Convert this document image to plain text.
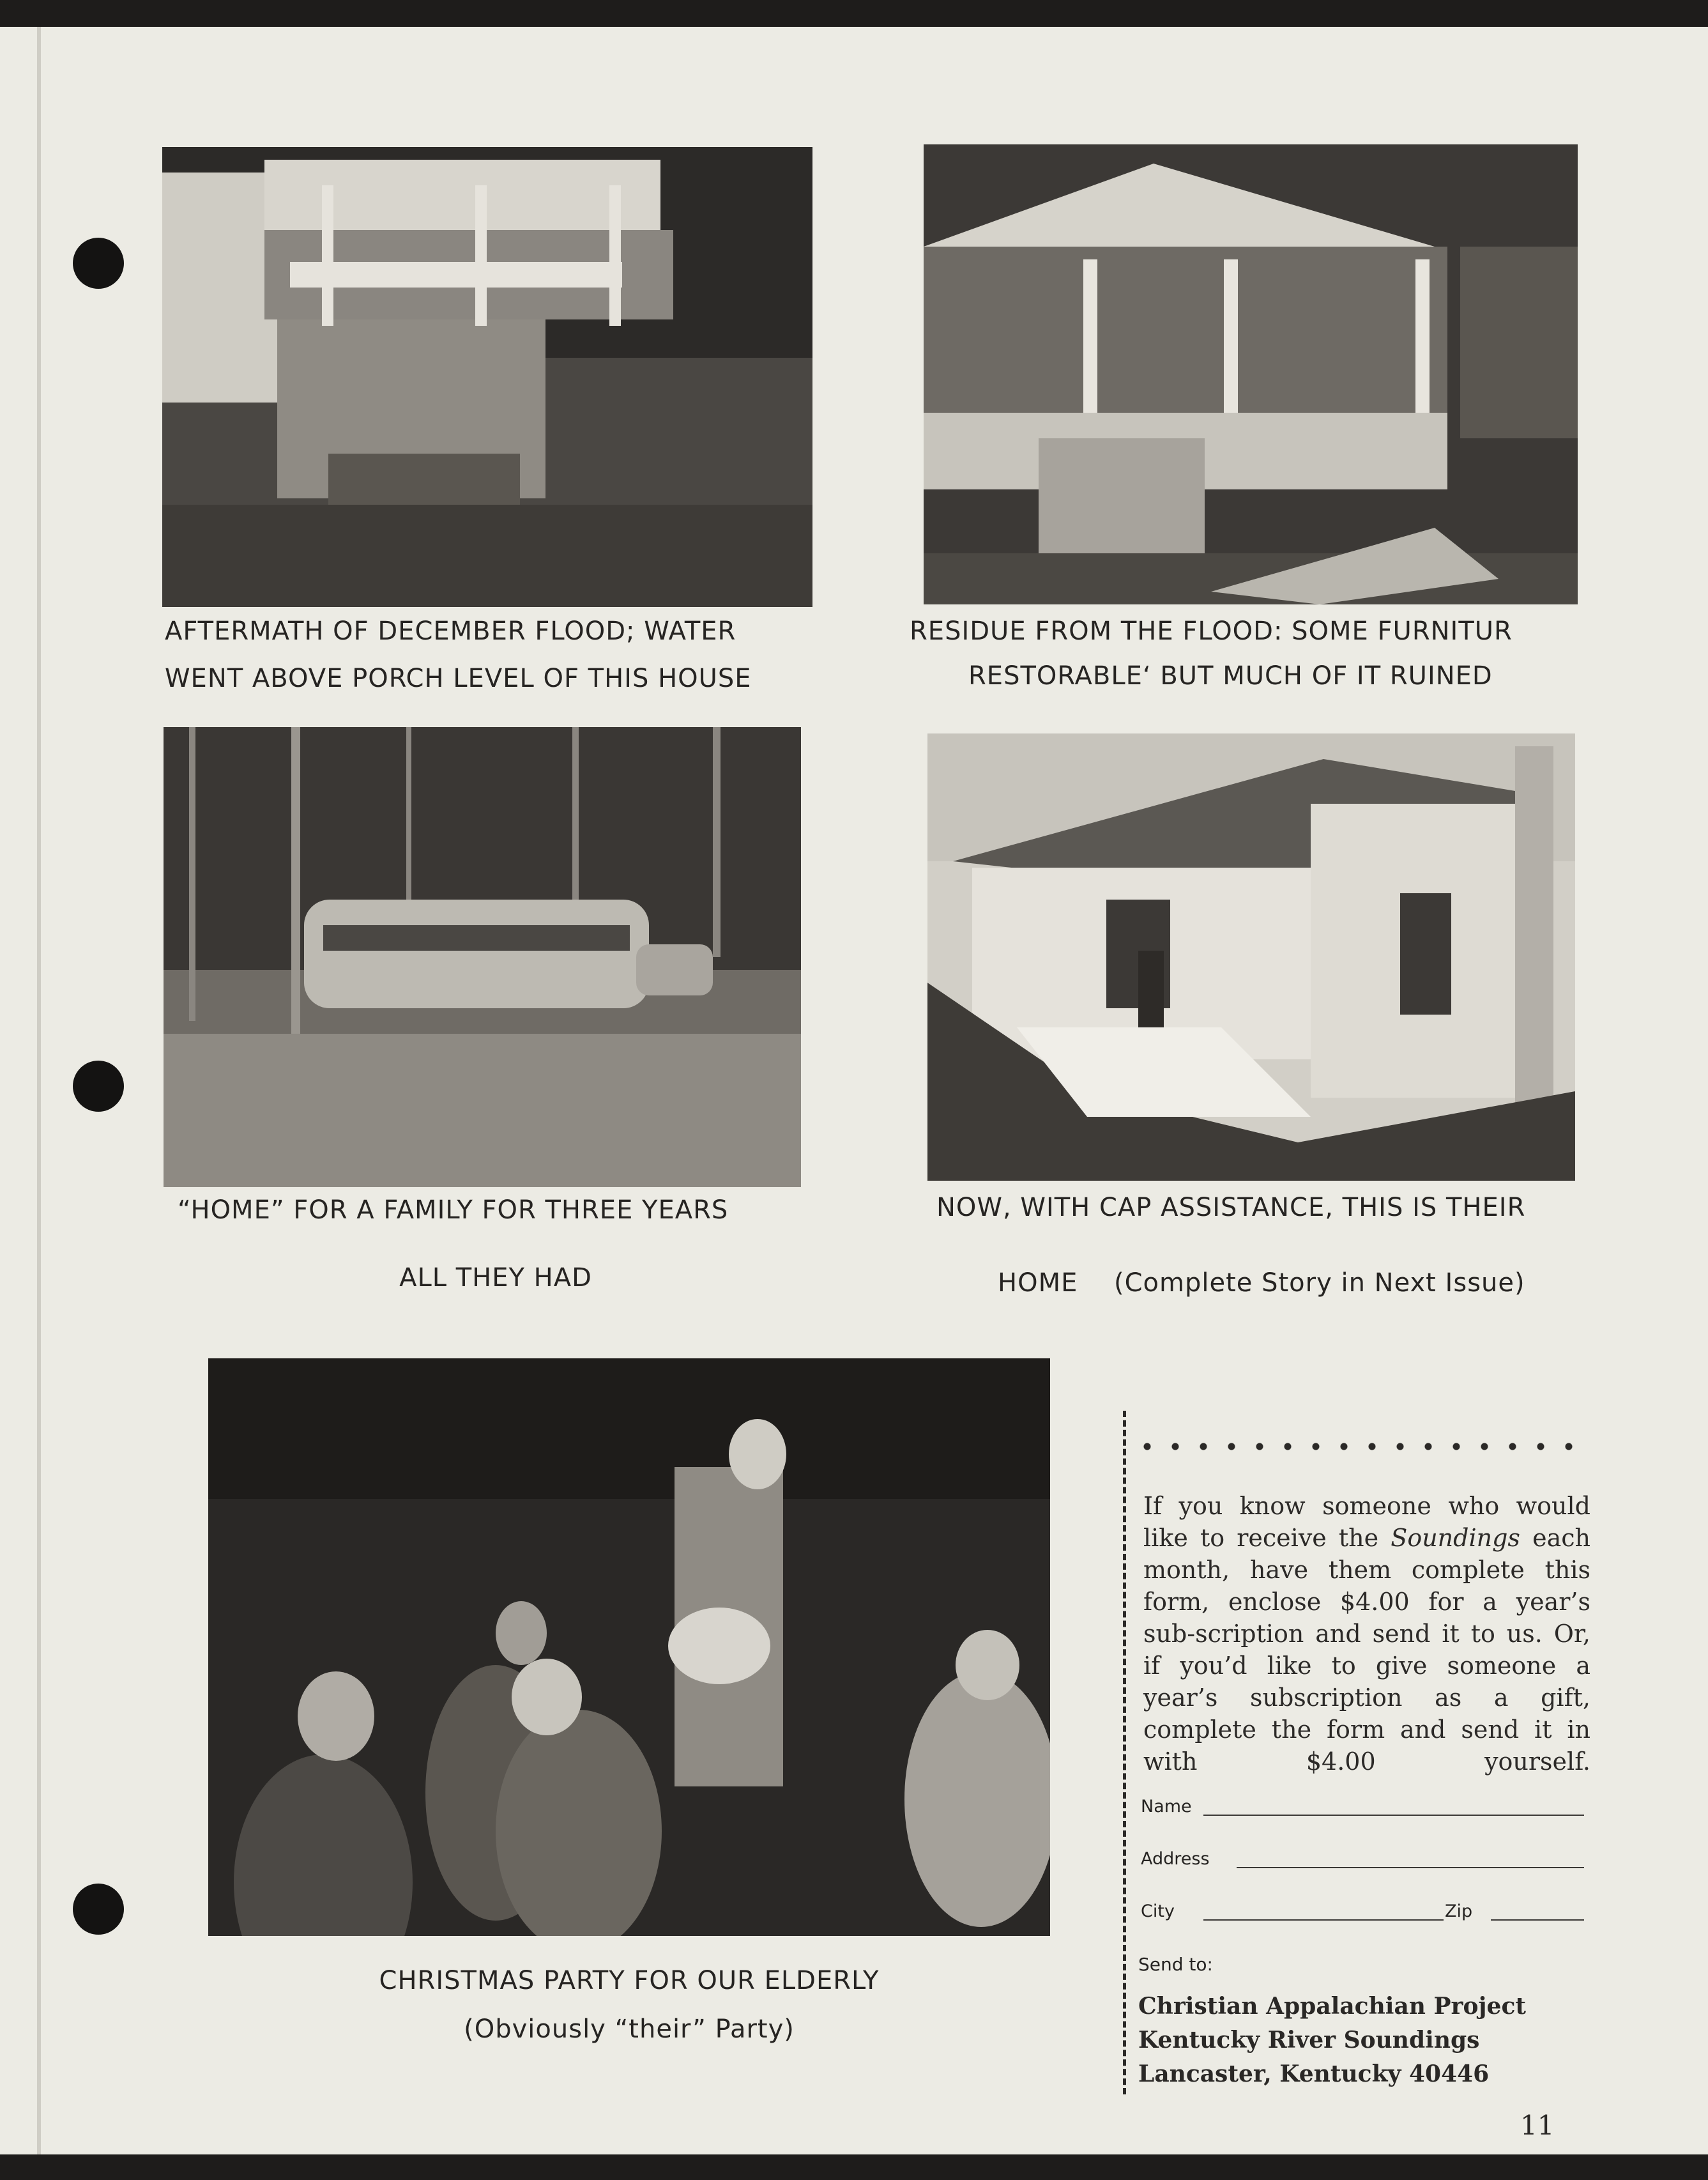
AFTERMATH OF DECEMBER FLOOD; WATER

WENT ABOVE PORCH LEVEL OF THIS HOUSE

RESIDUE FROM THE FLOOD: SOME FURNITUR

RESTORABLE‘ BUT MUCH OF IT RUINED

“HOME” FOR A FAMILY FOR THREE YEARS

ALL THEY HAD

NOW, WITH CAP ASSISTANCE, THIS IS THEIR

HOME (Complete Story in Next Issue)

CHRISTMAS PARTY FOR OUR ELDERLY

(Obviously “their” Party)

If you know someone who would like to receive the Soundings each month, have them complete this form, enclose $4.00 for a year’s sub-scription and send it to us. Or, if you’d like to give someone a year’s subscription as a gift, complete the form and send it in with $4.00 yourself.

Name

Address

City	Zip

Send to:

Christian Appalachian Project

Kentucky River Soundings

Lancaster, Kentucky 40446

11
